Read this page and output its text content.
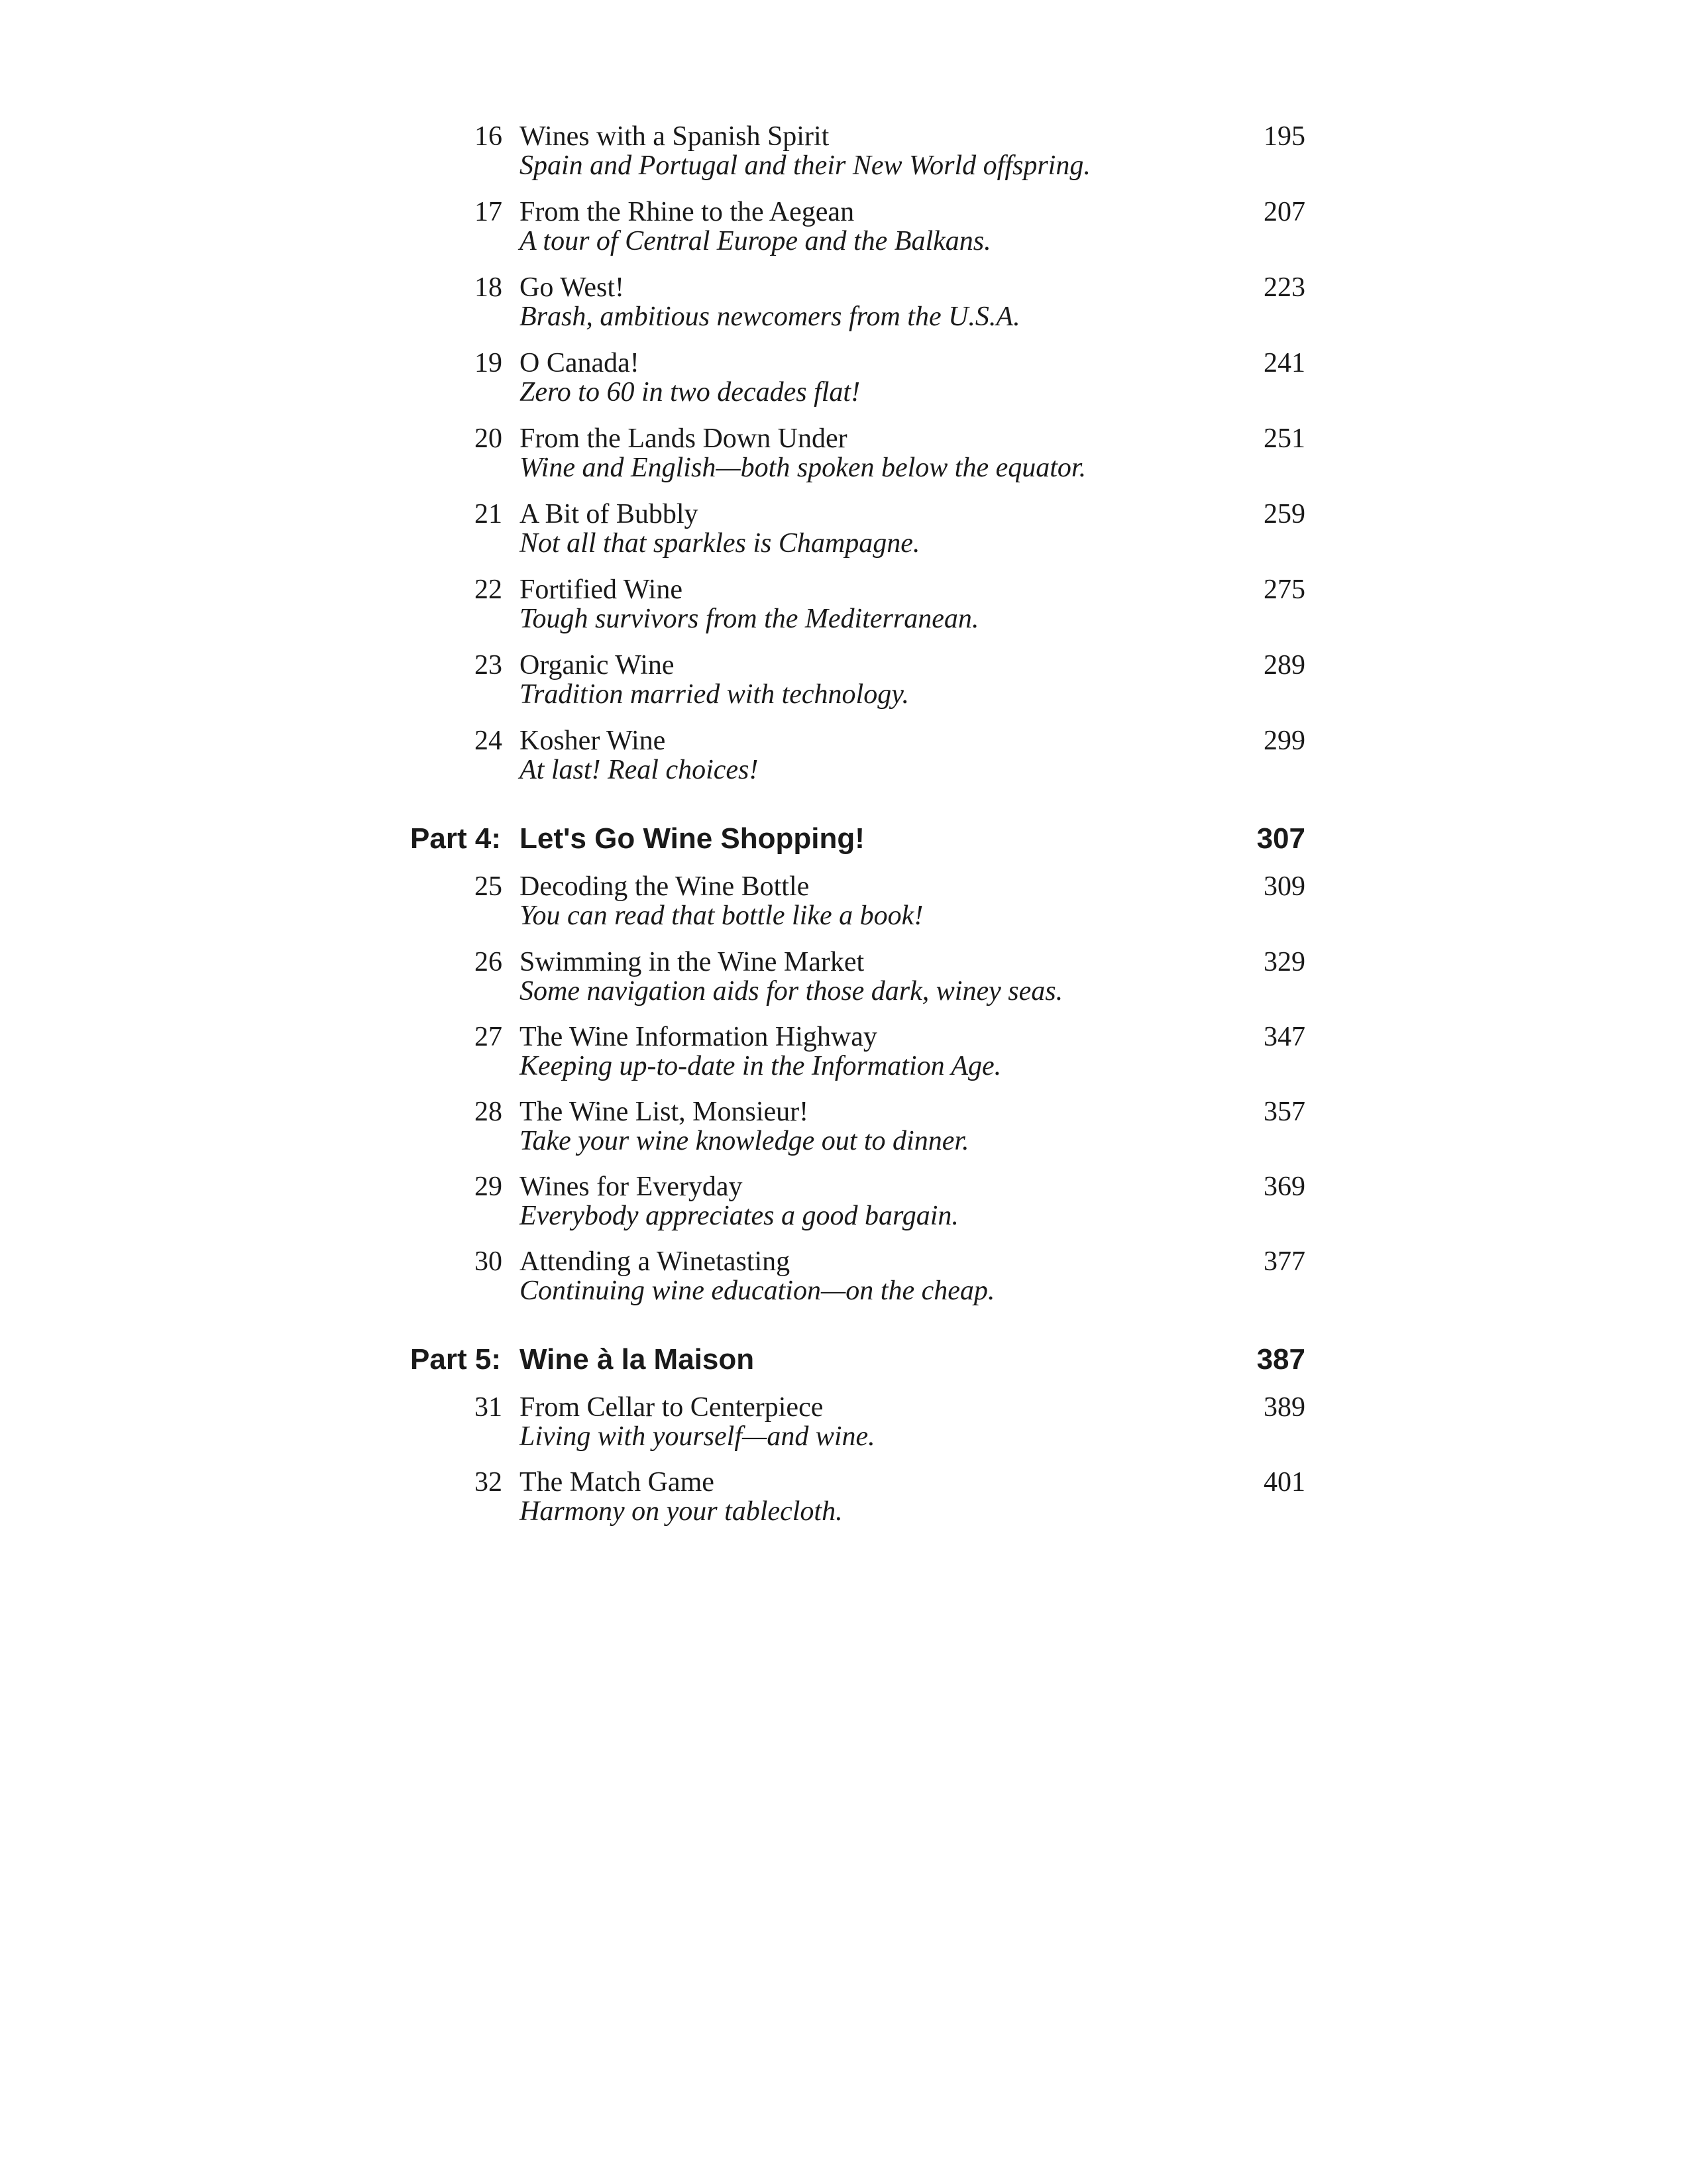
16 Wines with a Spanish Spirit
Spain and Portugal and their New World offspring.
195
17 From the Rhine to the Aegean
A tour of Central Europe and the Balkans.
207
18 Go West!
Brash, ambitious newcomers from the U.S.A.
223
19 O Canada!
Zero to 60 in two decades flat!
241
20 From the Lands Down Under
Wine and English—both spoken below the equator.
251
21 A Bit of Bubbly
Not all that sparkles is Champagne.
259
22 Fortified Wine
Tough survivors from the Mediterranean.
275
23 Organic Wine
Tradition married with technology.
289
24 Kosher Wine
At last! Real choices!
299
Part 4: Let's Go Wine Shopping!	307
25 Decoding the Wine Bottle
You can read that bottle like a book!
309
26 Swimming in the Wine Market
Some navigation aids for those dark, winey seas.
329
27 The Wine Information Highway
Keeping up-to-date in the Information Age.
347
28 The Wine List, Monsieur!
Take your wine knowledge out to dinner.
357
29 Wines for Everyday
Everybody appreciates a good bargain.
369
30 Attending a Winetasting
Continuing wine education—on the cheap.
377
Part 5: Wine à la Maison	387
31 From Cellar to Centerpiece
Living with yourself—and wine.
389
32 The Match Game
Harmony on your tablecloth.
401
